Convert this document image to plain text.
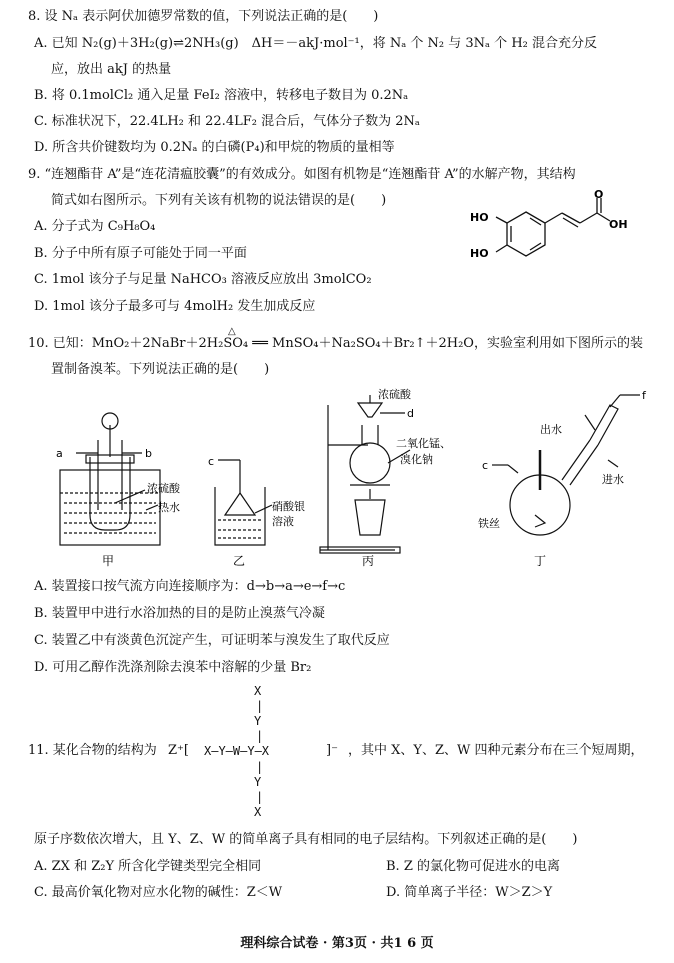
8. 设 Nₐ 表示阿伏加德罗常数的值，下列说法正确的是(　　)
A. 已知 N₂(g)＋3H₂(g)⇌2NH₃(g)　ΔH＝－akJ·mol⁻¹，将 Nₐ 个 N₂ 与 3Nₐ 个 H₂ 混合充分反
应，放出 akJ 的热量
B. 将 0.1molCl₂ 通入足量 FeI₂ 溶液中，转移电子数目为 0.2Nₐ
C. 标准状况下，22.4LH₂ 和 22.4LF₂ 混合后，气体分子数为 2Nₐ
D. 所含共价键数均为 0.2Nₐ 的白磷(P₄)和甲烷的物质的量相等
9. “连翘酯苷 A”是“连花清瘟胶囊”的有效成分。如图有机物是“连翘酯苷 A”的水解产物，其结构
简式如右图所示。下列有关该有机物的说法错误的是(　　)
A. 分子式为 C₉H₈O₄
B. 分子中所有原子可能处于同一平面
C. 1mol 该分子与足量 NaHCO₃ 溶液反应放出 3molCO₂
D. 1mol 该分子最多可与 4molH₂ 发生加成反应
HO
HO
O
OH
10. 已知：MnO₂＋2NaBr＋2H₂SO₄ ══ MnSO₄＋Na₂SO₄＋Br₂↑＋2H₂O，实验室利用如下图所示的装
△
置制备溴苯。下列说法正确的是(　　)
a	b
浓硫酸
热水
甲
c
硝酸银
溶液
乙
浓硫酸
d
二氧化锰、
溴化钠
丙
f
出水
进水
c
铁丝
丁
A. 装置接口按气流方向连接顺序为：d→b→a→e→f→c
B. 装置甲中进行水浴加热的目的是防止溴蒸气冷凝
C. 装置乙中有淡黄色沉淀产生，可证明苯与溴发生了取代反应
D. 可用乙醇作洗涤剂除去溴苯中溶解的少量 Br₂
X
|
Y
|
11. 某化合物的结构为 Z⁺[ X—Y—W—Y—X	]⁻ ，其中 X、Y、Z、W 四种元素分布在三个短周期，
|
Y
|
X
原子序数依次增大，且 Y、Z、W 的简单离子具有相同的电子层结构。下列叙述正确的是(　　)
A. ZX 和 Z₂Y 所含化学键类型完全相同	B. Z 的氯化物可促进水的电离
C. 最高价氧化物对应水化物的碱性：Z＜W	D. 简单离子半径：W＞Z＞Y
理科综合试卷 · 第3页 · 共1 6 页
